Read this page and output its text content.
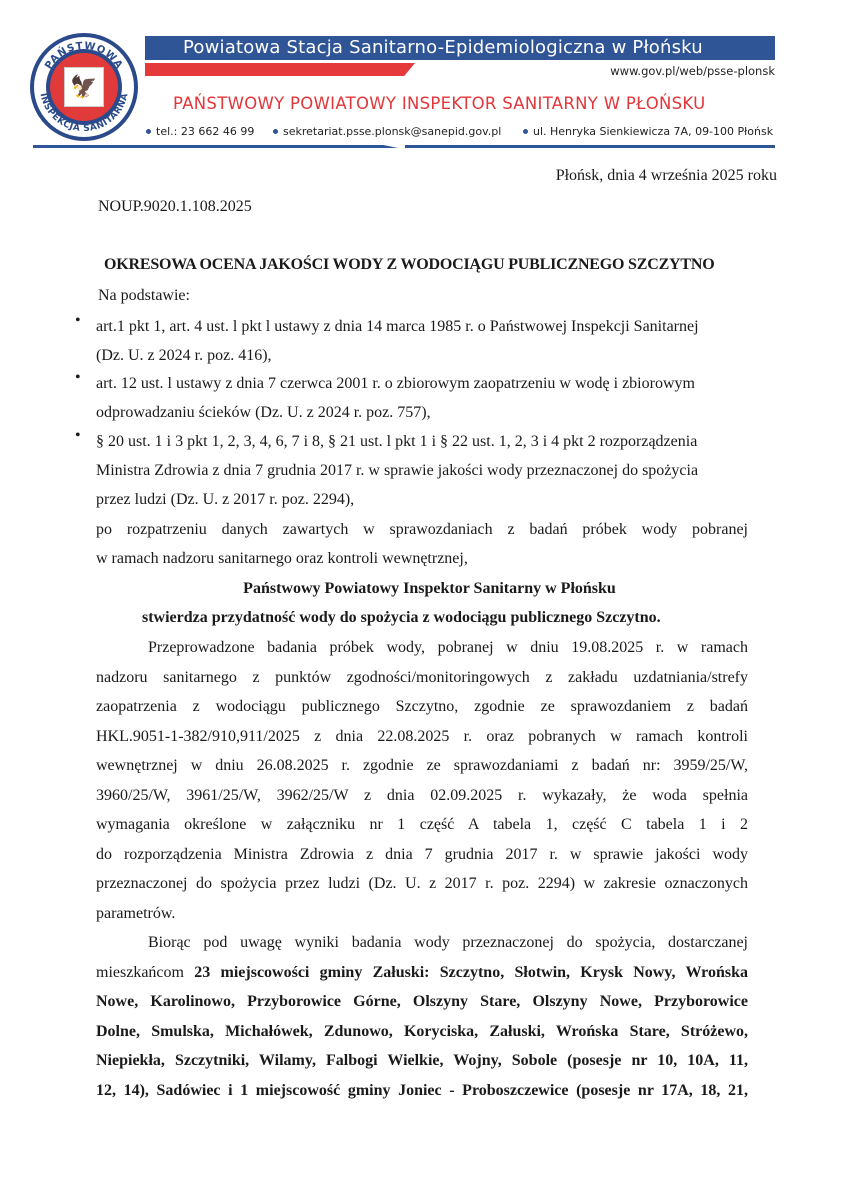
🦅
PAŃSTWOWA
INSPEKCJA SANITARNA
Powiatowa Stacja Sanitarno-Epidemiologiczna w Płońsku
www.gov.pl/web/psse-plonsk
PAŃSTWOWY POWIATOWY INSPEKTOR SANITARNY W PŁOŃSKU
tel.: 23 662 46 99	sekretariat.psse.plonsk@sanepid.gov.pl	ul. Henryka Sienkiewicza 7A, 09-100 Płońsk
Płońsk, dnia 4 września 2025 roku
NOUP.9020.1.108.2025
OKRESOWA OCENA JAKOŚCI WODY Z WODOCIĄGU PUBLICZNEGO SZCZYTNO
Na podstawie:
• art.1 pkt 1, art. 4 ust. l pkt l ustawy z dnia 14 marca 1985 r. o Państwowej Inspekcji Sanitarnej
(Dz. U. z 2024 r. poz. 416),
• art. 12 ust. l ustawy z dnia 7 czerwca 2001 r. o zbiorowym zaopatrzeniu w wodę i zbiorowym
odprowadzaniu ścieków (Dz. U. z 2024 r. poz. 757),
• § 20 ust. 1 i 3 pkt 1, 2, 3, 4, 6, 7 i 8, § 21 ust. l pkt 1 i § 22 ust. 1, 2, 3 i 4 pkt 2 rozporządzenia
Ministra Zdrowia z dnia 7 grudnia 2017 r. w sprawie jakości wody przeznaczonej do spożycia
przez ludzi (Dz. U. z 2017 r. poz. 2294),
po rozpatrzeniu danych zawartych w sprawozdaniach z badań próbek wody pobranej
w ramach nadzoru sanitarnego oraz kontroli wewnętrznej,
Państwowy Powiatowy Inspektor Sanitarny w Płońsku
stwierdza przydatność wody do spożycia z wodociągu publicznego Szczytno.
Przeprowadzone badania próbek wody, pobranej w dniu 19.08.2025 r. w ramach
nadzoru sanitarnego z punktów zgodności/monitoringowych z zakładu uzdatniania/strefy
zaopatrzenia z wodociągu publicznego Szczytno, zgodnie ze sprawozdaniem z badań
HKL.9051-1-382/910,911/2025 z dnia 22.08.2025 r. oraz pobranych w ramach kontroli
wewnętrznej w dniu 26.08.2025 r. zgodnie ze sprawozdaniami z badań nr: 3959/25/W,
3960/25/W, 3961/25/W, 3962/25/W z dnia 02.09.2025 r. wykazały, że woda spełnia
wymagania określone w załączniku nr 1 część A tabela 1, część C tabela 1 i 2
do rozporządzenia Ministra Zdrowia z dnia 7 grudnia 2017 r. w sprawie jakości wody
przeznaczonej do spożycia przez ludzi (Dz. U. z 2017 r. poz. 2294) w zakresie oznaczonych
parametrów.
Biorąc pod uwagę wyniki badania wody przeznaczonej do spożycia, dostarczanej
mieszkańcom 23 miejscowości gminy Załuski: Szczytno, Słotwin, Krysk Nowy, Wrońska
Nowe, Karolinowo, Przyborowice Górne, Olszyny Stare, Olszyny Nowe, Przyborowice
Dolne, Smulska, Michałówek, Zdunowo, Koryciska, Załuski, Wrońska Stare, Stróżewo,
Niepiekła, Szczytniki, Wilamy, Falbogi Wielkie, Wojny, Sobole (posesje nr 10, 10A, 11,
12, 14), Sadówiec i 1 miejscowość gminy Joniec - Proboszczewice (posesje nr 17A, 18, 21,
